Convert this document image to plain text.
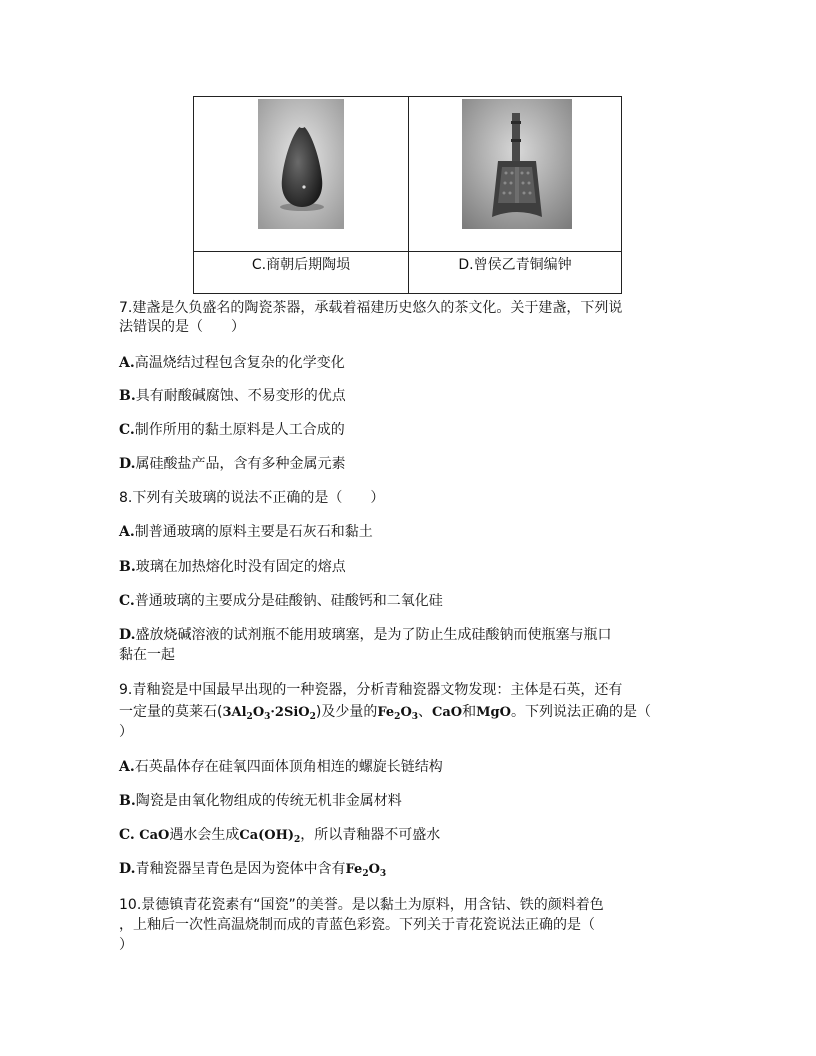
C.商朝后期陶埙	D.曾侯乙青铜编钟
7.建盏是久负盛名的陶瓷茶器，承载着福建历史悠久的茶文化。关于建盏，下列说
法错误的是（　　）
A.高温烧结过程包含复杂的化学变化
B.具有耐酸碱腐蚀、不易变形的优点
C.制作所用的黏土原料是人工合成的
D.属硅酸盐产品，含有多种金属元素
8.下列有关玻璃的说法不正确的是（　　）
A.制普通玻璃的原料主要是石灰石和黏土
B.玻璃在加热熔化时没有固定的熔点
C.普通玻璃的主要成分是硅酸钠、硅酸钙和二氧化硅
D.盛放烧碱溶液的试剂瓶不能用玻璃塞，是为了防止生成硅酸钠而使瓶塞与瓶口
黏在一起
9.青釉瓷是中国最早出现的一种瓷器，分析青釉瓷器文物发现：主体是石英，还有
一定量的莫莱石$(3Al_2O_3\cdot 2SiO_2)$及少量的$Fe_2O_3$、CaO和MgO。下列说法正确的是（
）
A.石英晶体存在硅氧四面体顶角相连的螺旋长链结构
B.陶瓷是由氧化物组成的传统无机非金属材料
C. CaO遇水会生成$Ca(OH)_2$，所以青釉器不可盛水
D.青釉瓷器呈青色是因为瓷体中含有$Fe_2O_3$
10.景德镇青花瓷素有“国瓷”的美誉。是以黏土为原料，用含钴、铁的颜料着色
，上釉后一次性高温烧制而成的青蓝色彩瓷。下列关于青花瓷说法正确的是（
）
